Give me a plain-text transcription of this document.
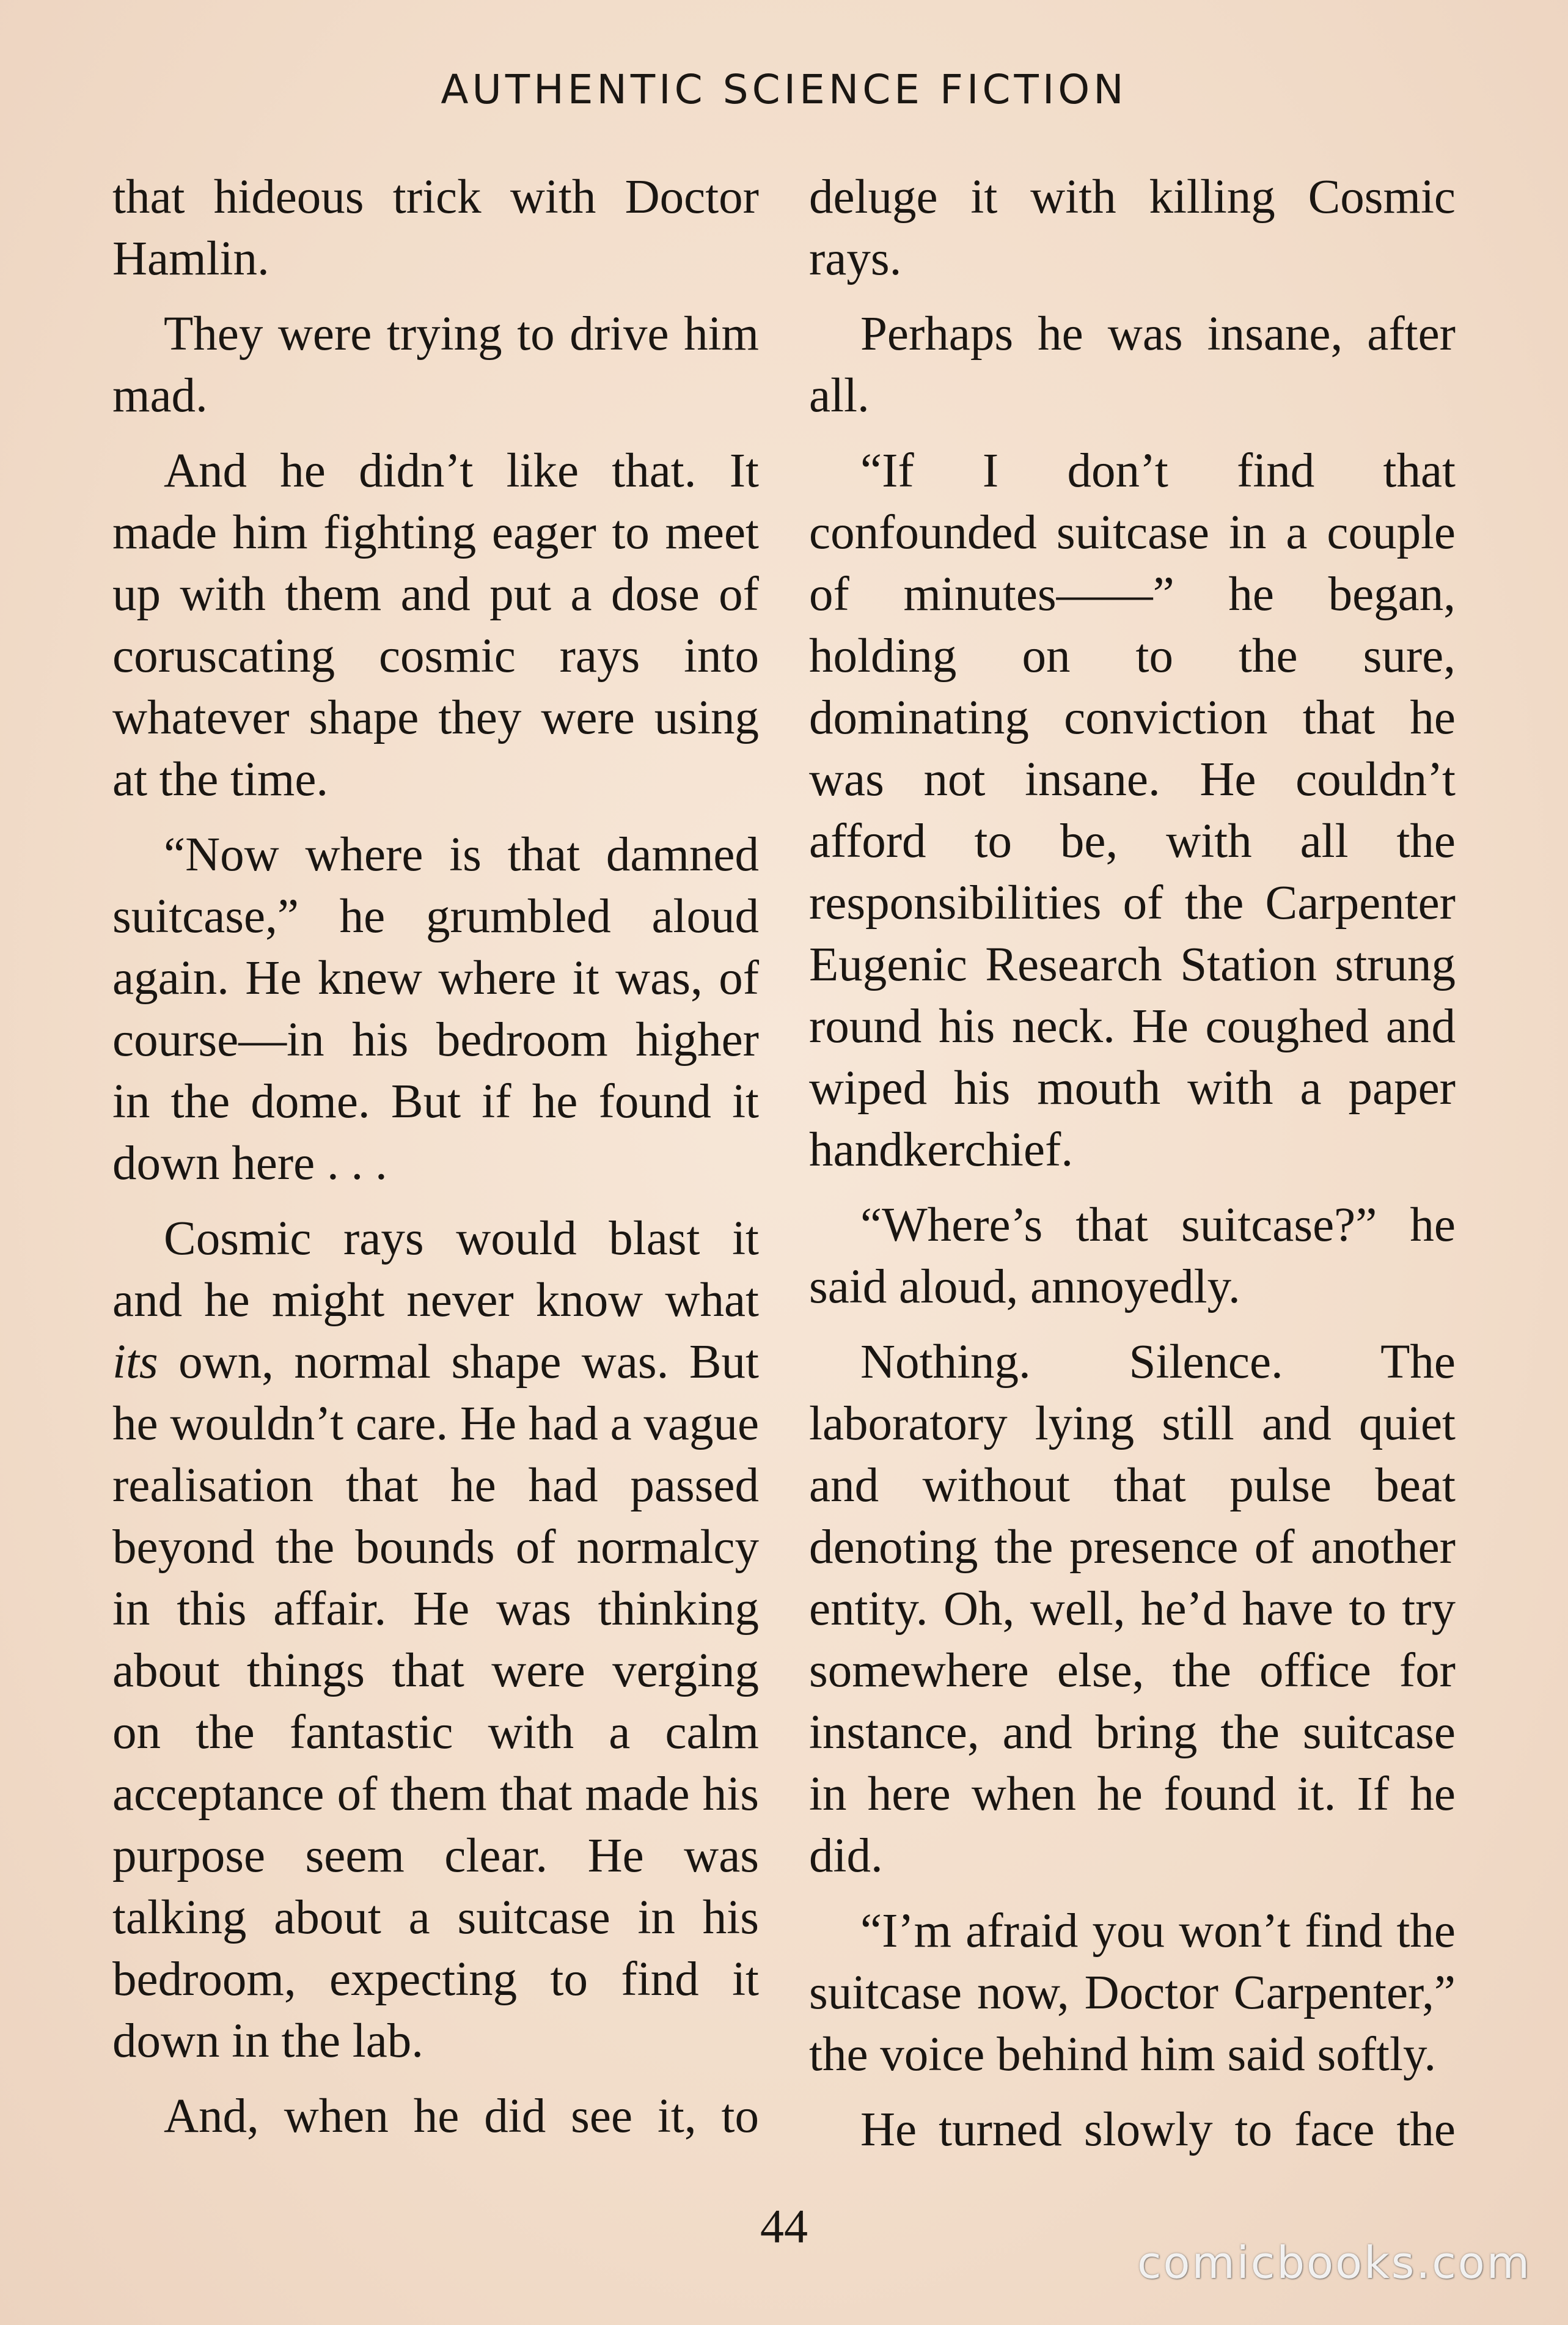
AUTHENTIC SCIENCE FICTION

that hideous trick with Doctor Hamlin.

They were trying to drive him mad.

And he didn’t like that. It made him fighting eager to meet up with them and put a dose of coruscating cosmic rays into whatever shape they were using at the time.

“Now where is that damned suitcase,” he grumbled aloud again. He knew where it was, of course—in his bedroom higher in the dome. But if he found it down here . . .

Cosmic rays would blast it and he might never know what its own, normal shape was. But he wouldn’t care. He had a vague realisation that he had passed beyond the bounds of normalcy in this affair. He was thinking about things that were verging on the fantastic with a calm acceptance of them that made his purpose seem clear. He was talking about a suitcase in his bedroom, expecting to find it down in the lab.

And, when he did see it, to

deluge it with killing Cosmic rays.

Perhaps he was insane, after all.

“If I don’t find that confounded suitcase in a couple of minutes——” he began, holding on to the sure, dominating conviction that he was not insane. He couldn’t afford to be, with all the responsibilities of the Carpenter Eugenic Research Station strung round his neck. He coughed and wiped his mouth with a paper handkerchief.

“Where’s that suitcase?” he said aloud, annoyedly.

Nothing. Silence. The laboratory lying still and quiet and without that pulse beat denoting the presence of another entity. Oh, well, he’d have to try somewhere else, the office for instance, and bring the suitcase in here when he found it. If he did.

“I’m afraid you won’t find the suitcase now, Doctor Carpenter,” the voice behind him said softly.

He turned slowly to face the

44
comicbooks.com
